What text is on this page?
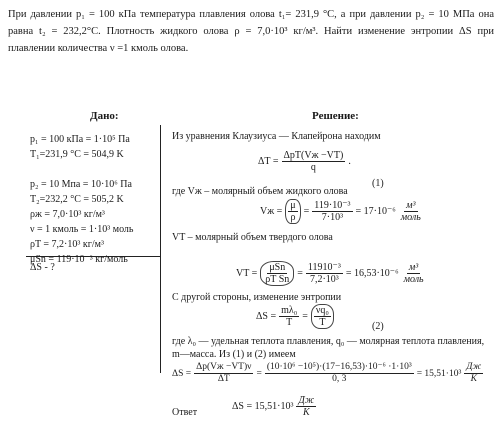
При давлении p₁ = 100 кПа температура плавления олова t₁= 231,9 °С, а при давлении p₂ = 10 МПа она равна t₂ = 232,2°С. Плотность жидкого олова ρ = 7,0·10³ кг/м³. Найти изменение энтропии ΔS при плавлении количества ν =1 кмоль олова.
Дано:	Решение:
p₁ = 100 кПа = 1·10⁵ Па
T₁=231,9 °С = 504,9 K
p₂ = 10 Мпа = 10·10⁶ Па
T₂=232,2 °С = 505,2 K
ρж = 7,0·10³ кг/м³
ν = 1 кмоль = 1·10³ моль
ρT = 7,2·10³ кг/м³
μSn = 119·10⁻³ кг/моль
ΔS - ?
Из уравнения Клаузиуса — Клапейрона находим
$\Delta T = \frac{\text{ΔpT(Vж −VT)}}{q}$ .
(1)
где Vж – молярный объем жидкого олова
Vж = $\frac{\mu}{\rho} = \frac{\text{119·10⁻³}}{\text{7·10³}} = 17\cdot 10^{-6} \frac{\text{м³}}{\text{моль}}$
VT – молярный объем твердого олова
VT = $\frac{\text{μSn}}{\text{ρT Sn}} = \frac{\text{11910⁻³}}{\text{7,2·10³}} = 16,53\cdot 10^{-6} \frac{\text{м³}}{\text{моль}}$
С другой стороны, изменение энтропии
$\Delta S = \frac{\text{mλ₀}}{T} = \frac{\text{νq₀}}{T}$	(2)
где λ₀ — удельная теплота плавления, q₀ — молярная теплота плавления,
m—масса. Из (1) и (2) имеем
$\Delta S = \frac{\Delta p(Vж -VT)\nu}{\Delta T} = \frac{\text{(10·10⁶ −10⁵)·(17−16,53)·10⁻⁶ ·1·10³}}{0, 3} = 15,51\cdot 10^3 \frac{Дж}{K}$
$\Delta S = 15,51\cdot 10^3 \frac{Дж}{K}$
Ответ
